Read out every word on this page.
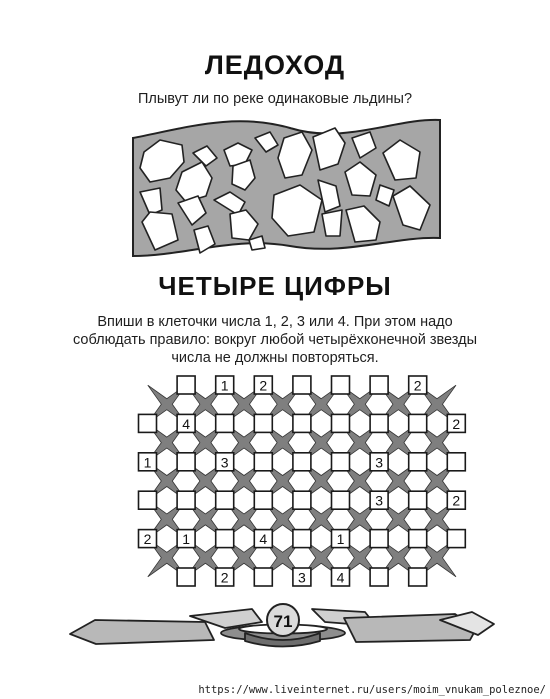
ЛЕДОХОД
Плывут ли по реке одинаковые льдины?
ЧЕТЫРЕ ЦИФРЫ
Впиши в клеточки числа 1, 2, 3 или 4. При этом надо соблюдать правило: вокруг любой четырёхконечной звезды числа не должны повторяться.
1 2	2
4	2
1	3	3
3	2
2 1	4	1
2	3 4
71
https://www.liveinternet.ru/users/moim_vnukam_poleznoe/
